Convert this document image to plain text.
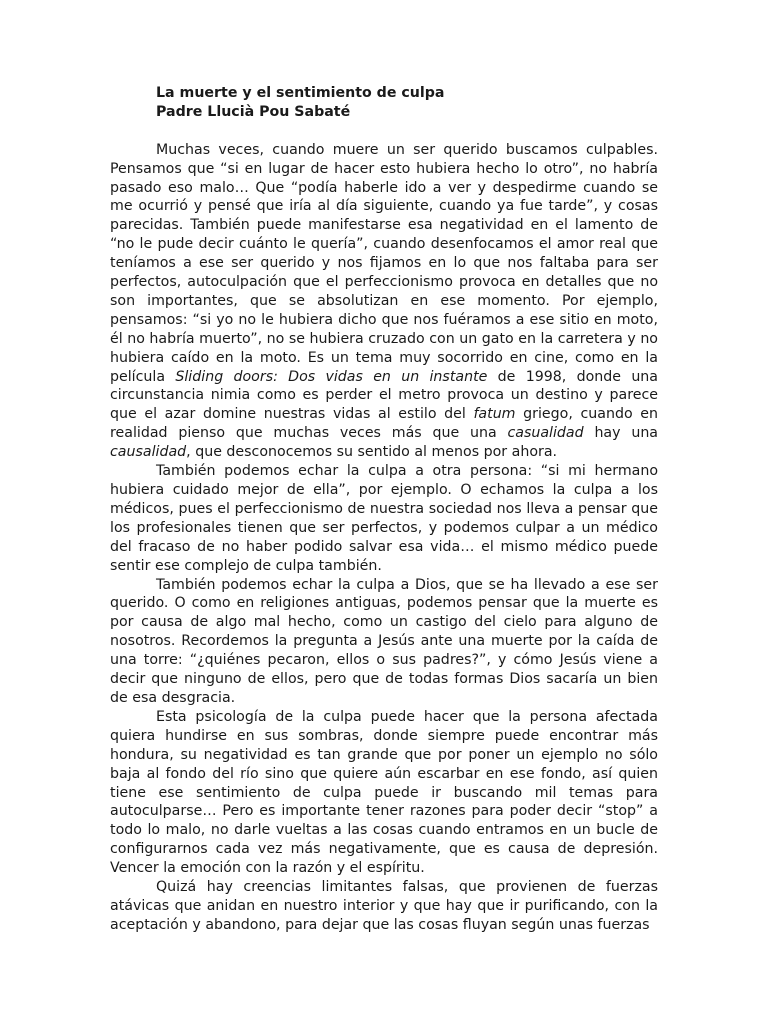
La muerte y el sentimiento de culpa

Padre Llucià Pou Sabaté

Muchas veces, cuando muere un ser querido buscamos culpables. Pensamos que “si en lugar de hacer esto hubiera hecho lo otro”, no habría pasado eso malo… Que “podía haberle ido a ver y despedirme cuando se me ocurrió y pensé que iría al día siguiente, cuando ya fue tarde”, y cosas parecidas. También puede manifestarse esa negatividad en el lamento de “no le pude decir cuánto le quería”, cuando desenfocamos el amor real que teníamos a ese ser querido y nos fijamos en lo que nos faltaba para ser perfectos, autoculpación que el perfeccionismo provoca en detalles que no son importantes, que se absolutizan en ese momento. Por ejemplo, pensamos: “si yo no le hubiera dicho que nos fuéramos a ese sitio en moto, él no habría muerto”, no se hubiera cruzado con un gato en la carretera y no hubiera caído en la moto. Es un tema muy socorrido en cine, como en la película Sliding doors: Dos vidas en un instante de 1998, donde una circunstancia nimia como es perder el metro provoca un destino y parece que el azar domine nuestras vidas al estilo del fatum griego, cuando en realidad pienso que muchas veces más que una casualidad hay una causalidad, que desconocemos su sentido al menos por ahora.

También podemos echar la culpa a otra persona: “si mi hermano hubiera cuidado mejor de ella”, por ejemplo. O echamos la culpa a los médicos, pues el perfeccionismo de nuestra sociedad nos lleva a pensar que los profesionales tienen que ser perfectos, y podemos culpar a un médico del fracaso de no haber podido salvar esa vida… el mismo médico puede sentir ese complejo de culpa también.

También podemos echar la culpa a Dios, que se ha llevado a ese ser querido. O como en religiones antiguas, podemos pensar que la muerte es por causa de algo mal hecho, como un castigo del cielo para alguno de nosotros. Recordemos la pregunta a Jesús ante una muerte por la caída de una torre: “¿quiénes pecaron, ellos o sus padres?”, y cómo Jesús viene a decir que ninguno de ellos, pero que de todas formas Dios sacaría un bien de esa desgracia.

Esta psicología de la culpa puede hacer que la persona afectada quiera hundirse en sus sombras, donde siempre puede encontrar más hondura, su negatividad es tan grande que por poner un ejemplo no sólo baja al fondo del río sino que quiere aún escarbar en ese fondo, así quien tiene ese sentimiento de culpa puede ir buscando mil temas para autoculparse… Pero es importante tener razones para poder decir “stop” a todo lo malo, no darle vueltas a las cosas cuando entramos en un bucle de configurarnos cada vez más negativamente, que es causa de depresión. Vencer la emoción con la razón y el espíritu.

Quizá hay creencias limitantes falsas, que provienen de fuerzas atávicas que anidan en nuestro interior y que hay que ir purificando, con la aceptación y abandono, para dejar que las cosas fluyan según unas fuerzas
